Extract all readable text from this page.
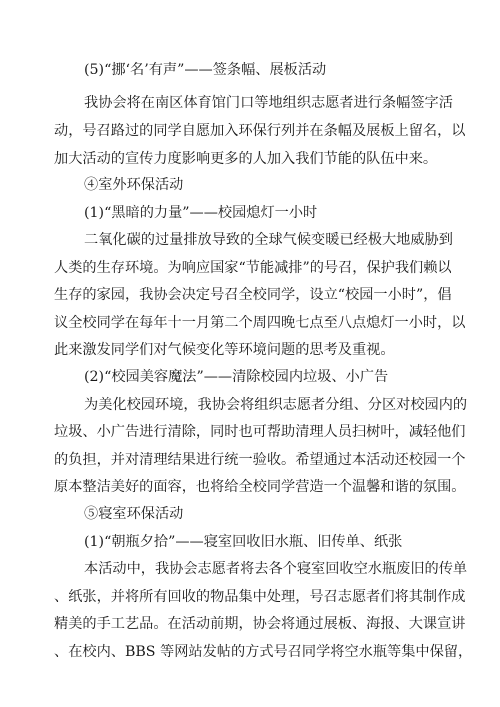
(5)“挪‘名’有声”——签条幅、展板活动
我协会将在南区体育馆门口等地组织志愿者进行条幅签字活
动，号召路过的同学自愿加入环保行列并在条幅及展板上留名，以
加大活动的宣传力度影响更多的人加入我们节能的队伍中来。
④室外环保活动
(1)“黑暗的力量”——校园熄灯一小时
二氧化碳的过量排放导致的全球气候变暖已经极大地威胁到
人类的生存环境。为响应国家“节能减排”的号召，保护我们赖以
生存的家园，我协会决定号召全校同学，设立“校园一小时”，倡
议全校同学在每年十一月第二个周四晚七点至八点熄灯一小时，以
此来激发同学们对气候变化等环境问题的思考及重视。
(2)“校园美容魔法”——清除校园内垃圾、小广告
为美化校园环境，我协会将组织志愿者分组、分区对校园内的
垃圾、小广告进行清除，同时也可帮助清理人员扫树叶，减轻他们
的负担，并对清理结果进行统一验收。希望通过本活动还校园一个
原本整洁美好的面容，也将给全校同学营造一个温馨和谐的氛围。
⑤寝室环保活动
(1)“朝瓶夕拾”——寝室回收旧水瓶、旧传单、纸张
本活动中，我协会志愿者将去各个寝室回收空水瓶废旧的传单
、纸张，并将所有回收的物品集中处理，号召志愿者们将其制作成
精美的手工艺品。在活动前期，协会将通过展板、海报、大课宣讲
、在校内、BBS 等网站发帖的方式号召同学将空水瓶等集中保留，
